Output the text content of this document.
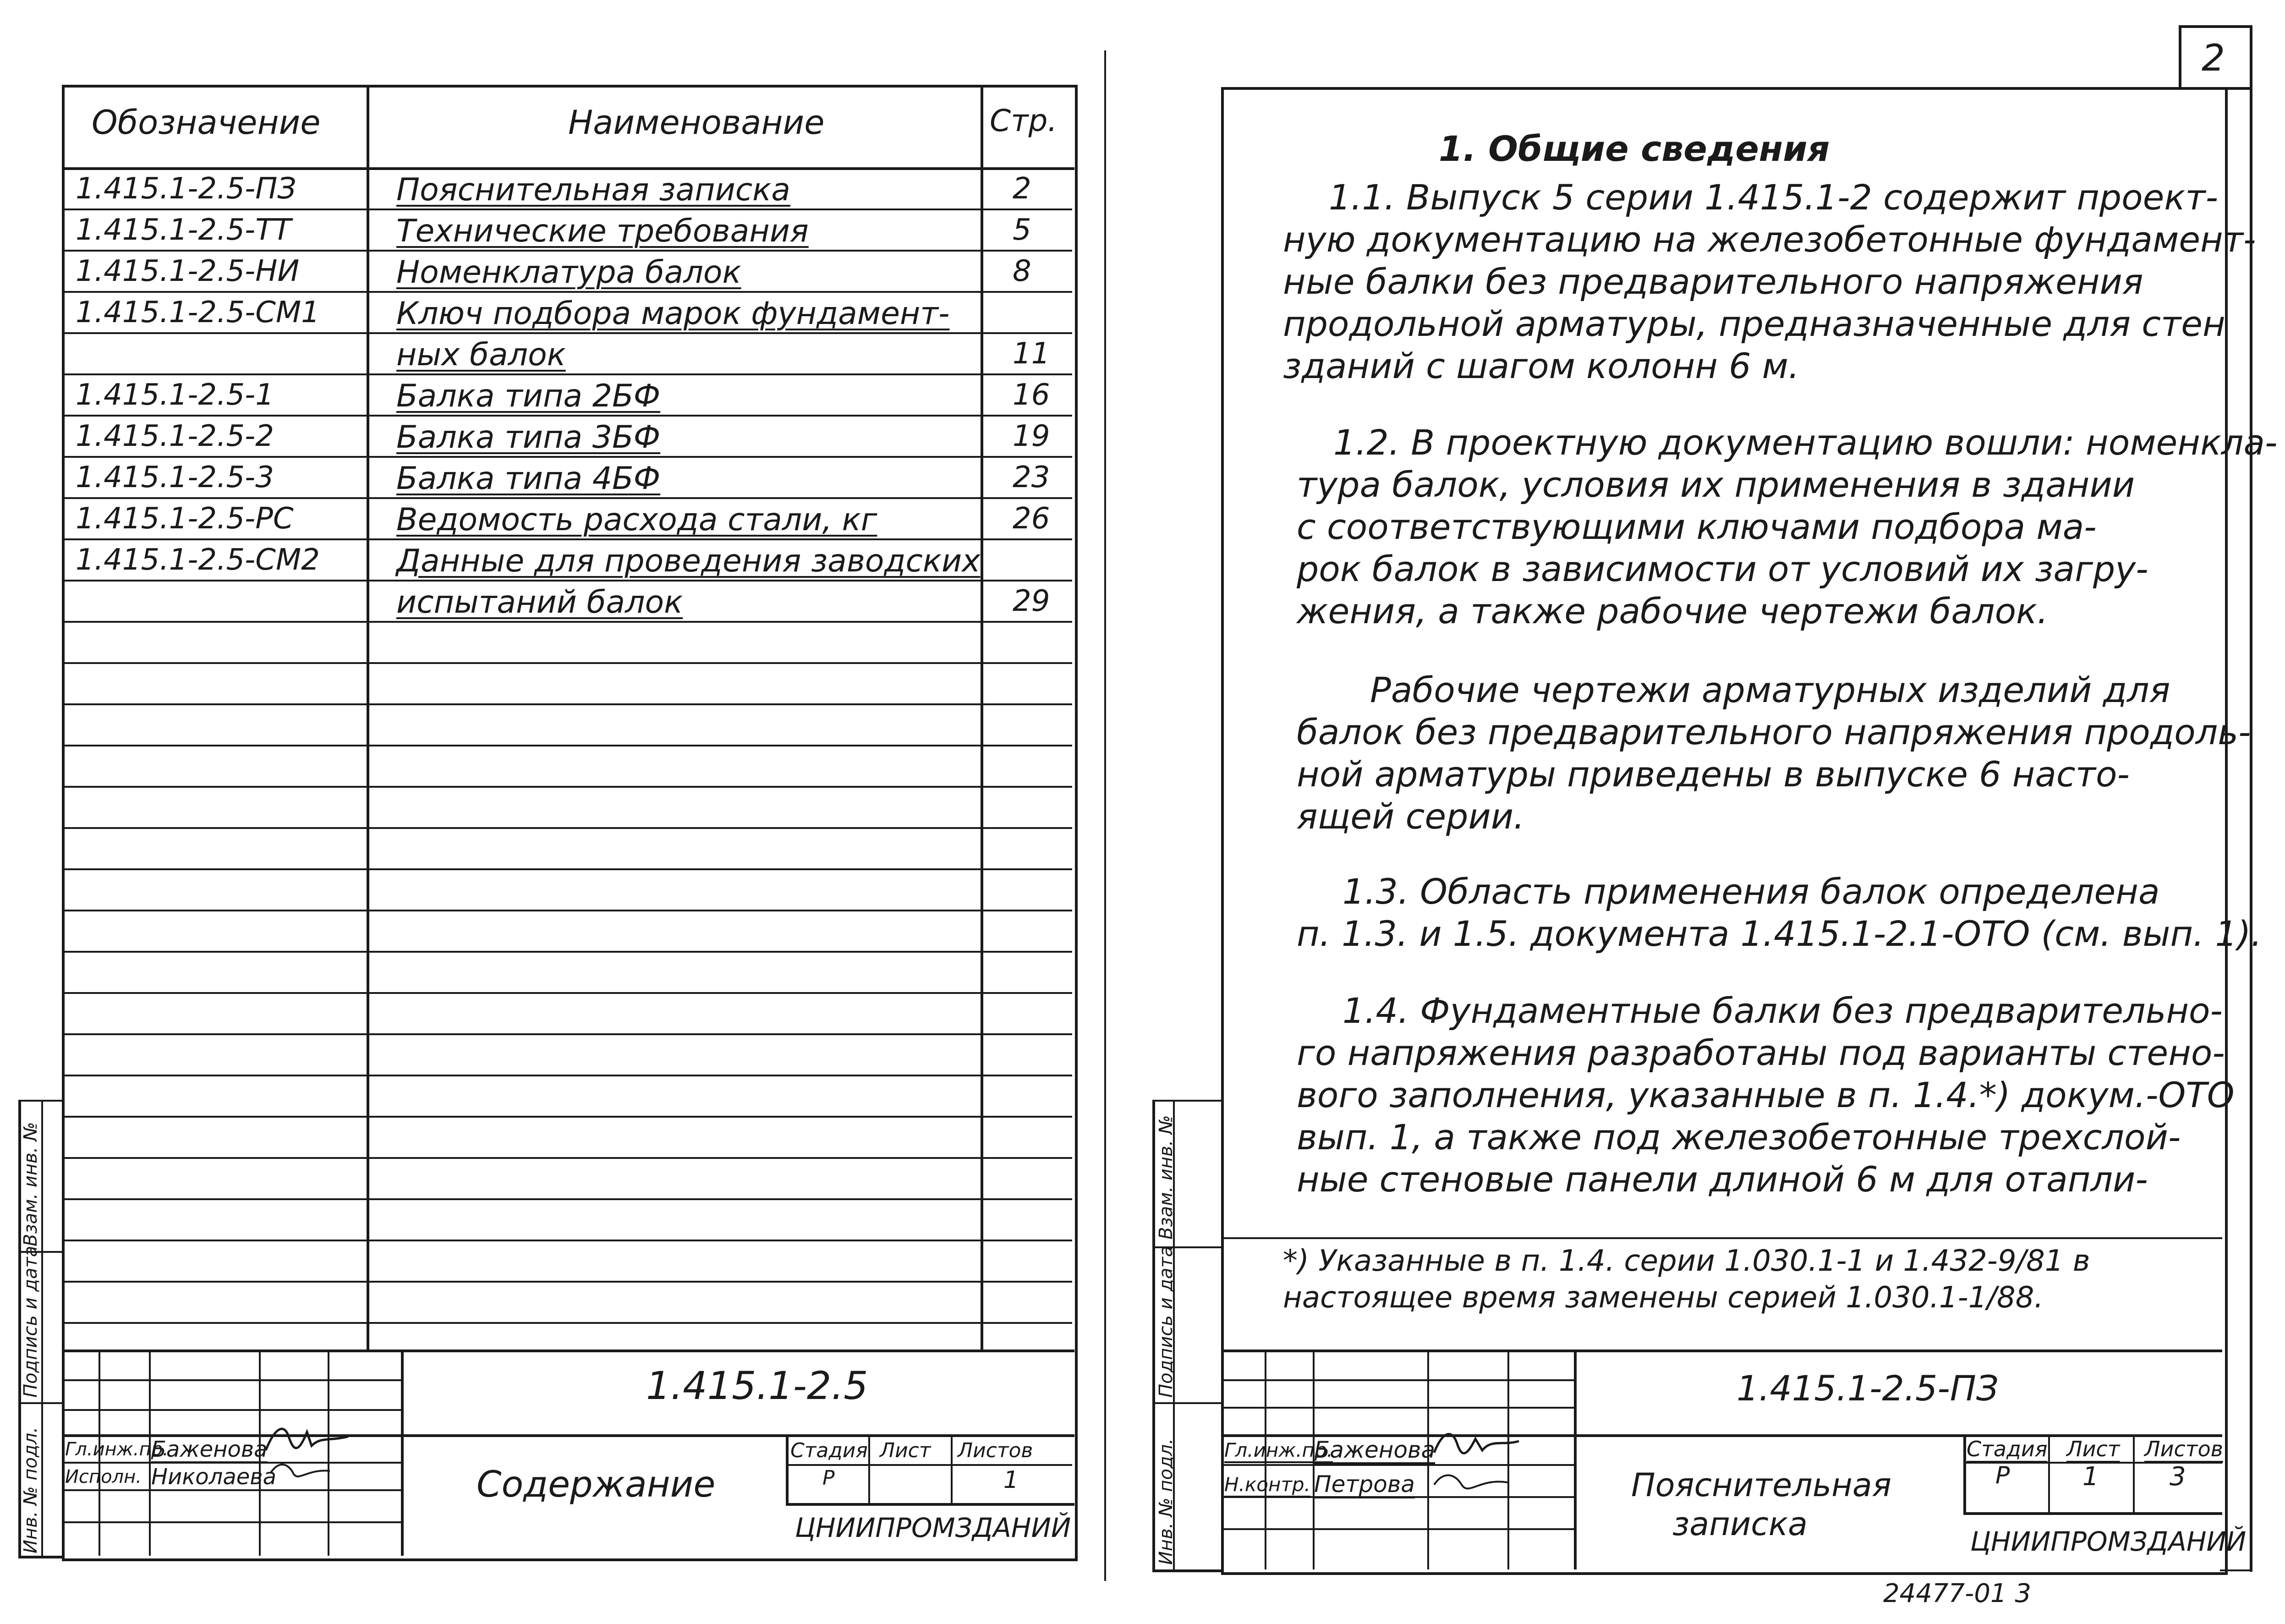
Взам. инв. №
Подпись и дата
Инв. № подл.
Обозначение	Наименование	Стр.
1.415.1-2.5-ПЗ	Пояснительная записка	2
1.415.1-2.5-ТТ	Технические требования	5
1.415.1-2.5-НИ	Номенклатура балок	8
1.415.1-2.5-СМ1 Ключ подбора марок фундамент-
ных балок	11
1.415.1-2.5-1	Балка типа 2БФ	16
1.415.1-2.5-2	Балка типа 3БФ	19
1.415.1-2.5-3	Балка типа 4БФ	23
1.415.1-2.5-РС	Ведомость расхода стали, кг	26
1.415.1-2.5-СМ2 Данные для проведения заводских
испытаний балок	29
1.415.1-2.5
Содержание
Стадия Лист Листов
Р	1
ЦНИИПРОМЗДАНИЙ
Гл.инж.пр.
Баженова
Исполн. Николаева
2
Взам. инв. №
Подпись и дата
Инв. № подл.
1. Общие сведения
1.1. Выпуск 5 серии 1.415.1-2 содержит проект-
ную документацию на железобетонные фундамент-
ные балки без предварительного напряжения
продольной арматуры, предназначенные для стен
зданий с шагом колонн 6 м.
1.2. В проектную документацию вошли: номенкла-
тура балок, условия их применения в здании
с соответствующими ключами подбора ма-
рок балок в зависимости от условий их загру-
жения, а также рабочие чертежи балок.
Рабочие чертежи арматурных изделий для
балок без предварительного напряжения продоль-
ной арматуры приведены в выпуске 6 насто-
ящей серии.
1.3. Область применения балок определена
п. 1.3. и 1.5. документа 1.415.1-2.1-ОТО (см. вып. 1).
1.4. Фундаментные балки без предварительно-
го напряжения разработаны под варианты стено-
вого заполнения, указанные в п. 1.4.*) докум.-ОТО
вып. 1, а также под железобетонные трехслой-
ные стеновые панели длиной 6 м для отапли-
*) Указанные в п. 1.4. серии 1.030.1-1 и 1.432-9/81 в
настоящее время заменены серией 1.030.1-1/88.
1.415.1-2.5-ПЗ
Пояснительная
записка
Стадия Лист Листов
Р	1	3
ЦНИИПРОМЗДАНИЙ
Гл.инж.пр.
Баженова
Н.контр. Петрова
24477-01 3
